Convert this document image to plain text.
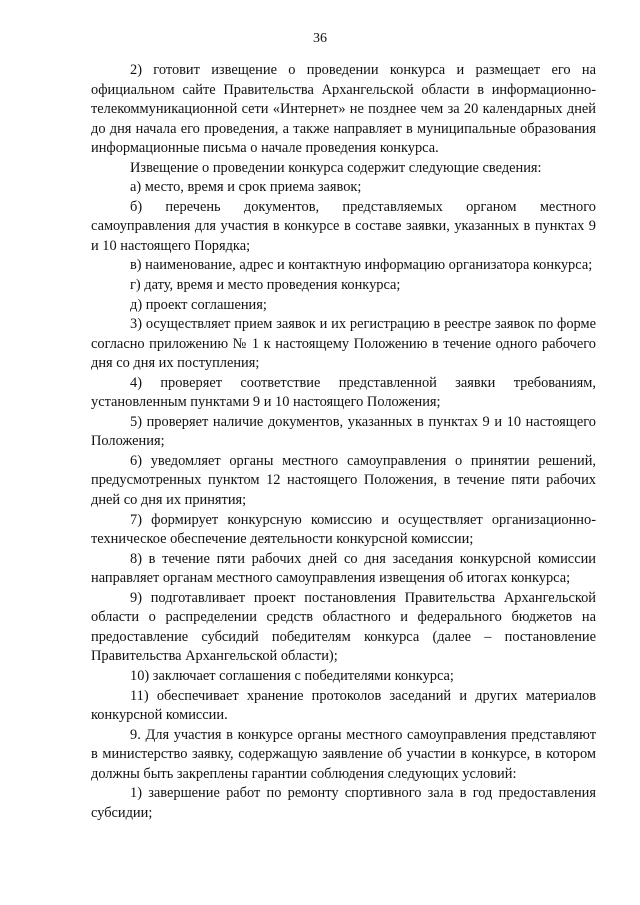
36

2) готовит извещение о проведении конкурса и размещает его на официальном сайте Правительства Архангельской области в информационно-телекоммуникационной сети «Интернет» не позднее чем за 20 календарных дней до дня начала его проведения, а также направляет в муниципальные образования информационные письма о начале проведения конкурса.

Извещение о проведении конкурса содержит следующие сведения:

а) место, время и срок приема заявок;

б) перечень документов, представляемых органом местного самоуправления для участия в конкурсе в составе заявки, указанных в пунктах 9 и 10 настоящего Порядка;

в) наименование, адрес и контактную информацию организатора конкурса;

г) дату, время и место проведения конкурса;

д) проект соглашения;

3) осуществляет прием заявок и их регистрацию в реестре заявок по форме согласно приложению № 1 к настоящему Положению в течение одного рабочего дня со дня их поступления;

4) проверяет соответствие представленной заявки требованиям, установленным пунктами 9 и 10 настоящего Положения;

5) проверяет наличие документов, указанных в пунктах 9 и 10 настоящего Положения;

6) уведомляет органы местного самоуправления о принятии решений, предусмотренных пунктом 12 настоящего Положения, в течение пяти рабочих дней со дня их принятия;

7) формирует конкурсную комиссию и осуществляет организационно-техническое обеспечение деятельности конкурсной комиссии;

8) в течение пяти рабочих дней со дня заседания конкурсной комиссии направляет органам местного самоуправления извещения об итогах конкурса;

9) подготавливает проект постановления Правительства Архангельской области о распределении средств областного и федерального бюджетов на предоставление субсидий победителям конкурса (далее – постановление Правительства Архангельской области);

10) заключает соглашения с победителями конкурса;

11) обеспечивает хранение протоколов заседаний и других материалов конкурсной комиссии.

9. Для участия в конкурсе органы местного самоуправления представляют в министерство заявку, содержащую заявление об участии в конкурсе, в котором должны быть закреплены гарантии соблюдения следующих условий:

1) завершение работ по ремонту спортивного зала в год предоставления субсидии;
